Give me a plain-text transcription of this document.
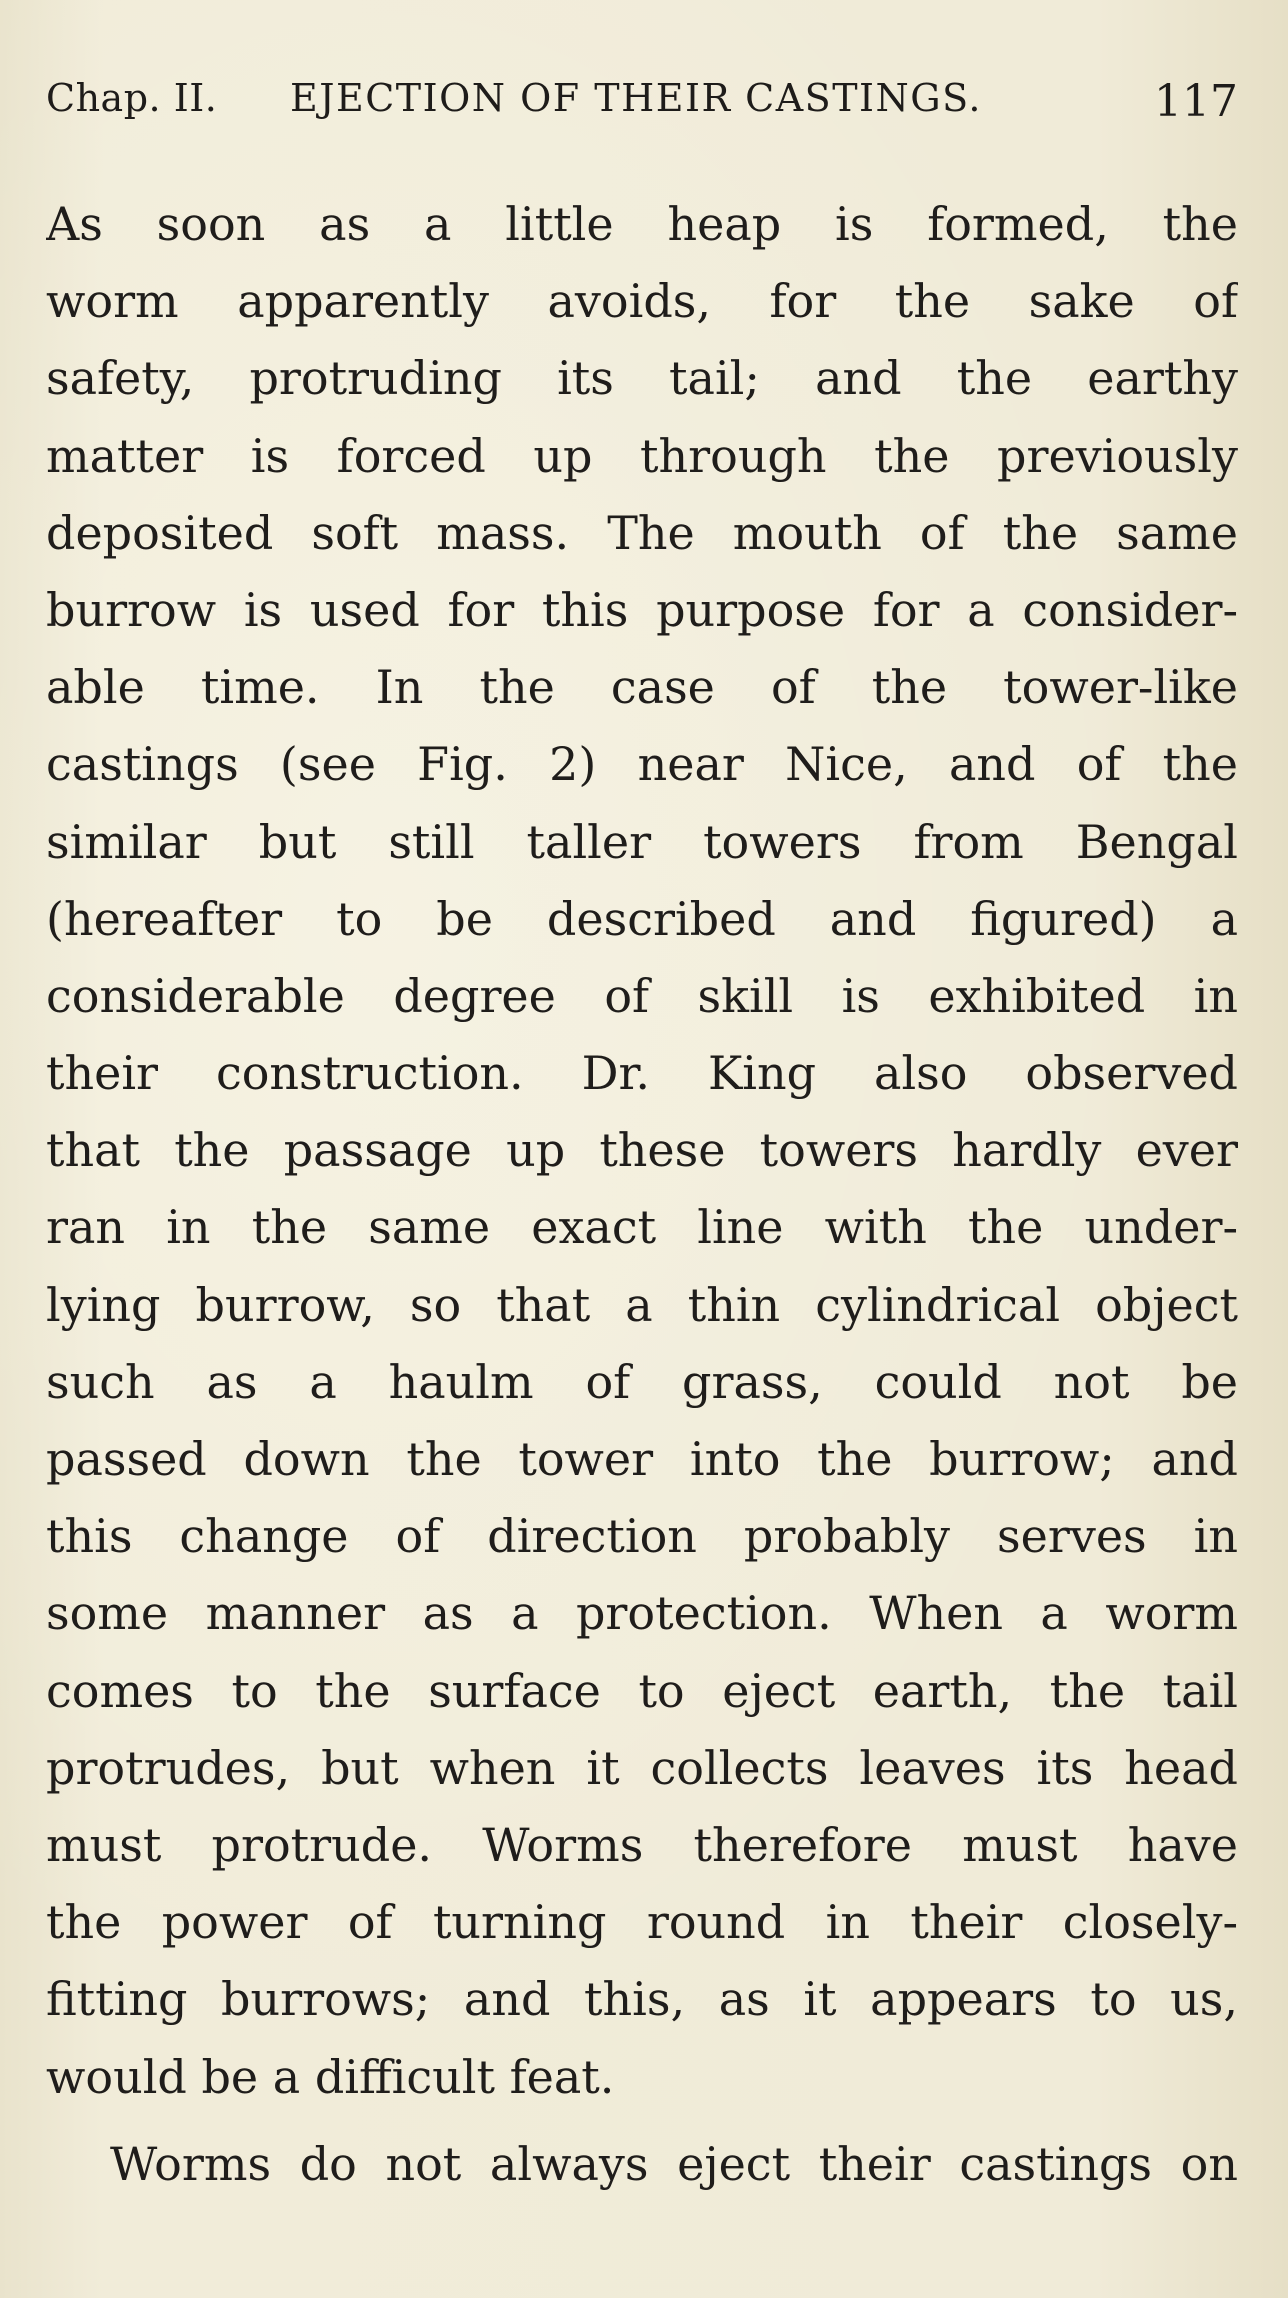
Chap. II. EJECTION OF THEIR CASTINGS.	117
As soon as a little heap is formed, the
worm apparently avoids, for the sake of
safety, protruding its tail; and the earthy
matter is forced up through the previously
deposited soft mass. The mouth of the same
burrow is used for this purpose for a consider-
able time. In the case of the tower-like
castings (see Fig. 2) near Nice, and of the
similar but still taller towers from Bengal
(hereafter to be described and figured) a
considerable degree of skill is exhibited in
their construction. Dr. King also observed
that the passage up these towers hardly ever
ran in the same exact line with the under-
lying burrow, so that a thin cylindrical object
such as a haulm of grass, could not be
passed down the tower into the burrow; and
this change of direction probably serves in
some manner as a protection. When a worm
comes to the surface to eject earth, the tail
protrudes, but when it collects leaves its head
must protrude. Worms therefore must have
the power of turning round in their closely-
fitting burrows; and this, as it appears to us,
would be a difficult feat.
Worms do not always eject their castings on
